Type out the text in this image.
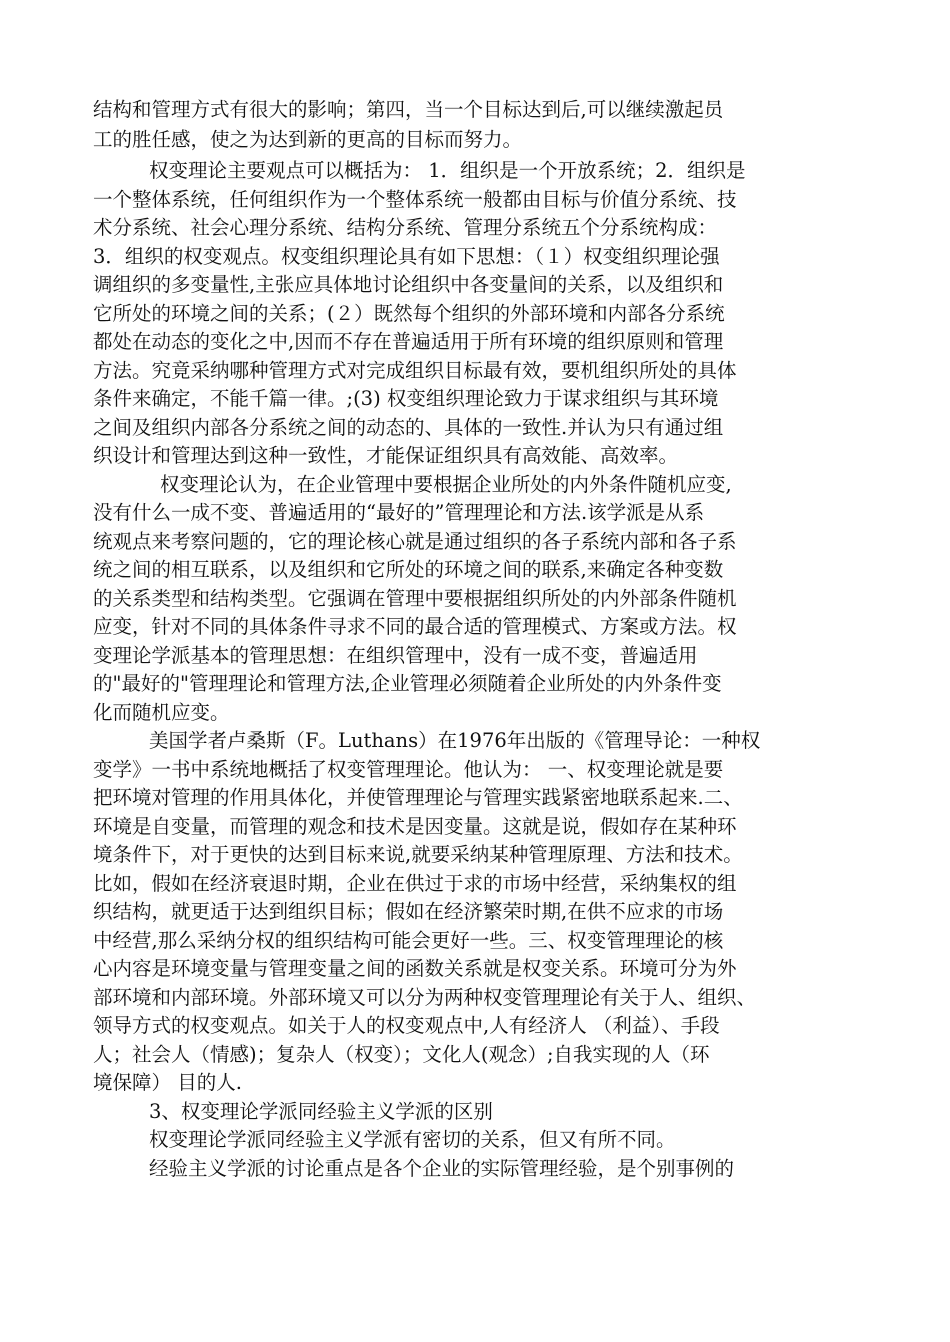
结构和管理方式有很大的影响；第四，当一个目标达到后,可以继续激起员
工的胜任感，使之为达到新的更高的目标而努力。
权变理论主要观点可以概括为： 1．组织是一个开放系统；2．组织是
一个整体系统，任何组织作为一个整体系统一般都由目标与价值分系统、技
术分系统、社会心理分系统、结构分系统、管理分系统五个分系统构成：
3．组织的权变观点。权变组织理论具有如下思想：（１）权变组织理论强
调组织的多变量性,主张应具体地讨论组织中各变量间的关系，以及组织和
它所处的环境之间的关系；(２）既然每个组织的外部环境和内部各分系统
都处在动态的变化之中,因而不存在普遍适用于所有环境的组织原则和管理
方法。究竟采纳哪种管理方式对完成组织目标最有效，要机组织所处的具体
条件来确定，不能千篇一律。;(3) 权变组织理论致力于谋求组织与其环境
之间及组织内部各分系统之间的动态的、具体的一致性.并认为只有通过组
织设计和管理达到这种一致性，才能保证组织具有高效能、高效率。
权变理论认为，在企业管理中要根据企业所处的内外条件随机应变,
没有什么一成不变、普遍适用的“最好的”管理理论和方法.该学派是从系
统观点来考察问题的，它的理论核心就是通过组织的各子系统内部和各子系
统之间的相互联系，以及组织和它所处的环境之间的联系,来确定各种变数
的关系类型和结构类型。它强调在管理中要根据组织所处的内外部条件随机
应变，针对不同的具体条件寻求不同的最合适的管理模式、方案或方法。权
变理论学派基本的管理思想：在组织管理中，没有一成不变，普遍适用
的"最好的"管理理论和管理方法,企业管理必须随着企业所处的内外条件变
化而随机应变。
美国学者卢桑斯（F。Luthans）在1976年出版的《管理导论：一种权
变学》一书中系统地概括了权变管理理论。他认为： 一、权变理论就是要
把环境对管理的作用具体化，并使管理理论与管理实践紧密地联系起来.二、
环境是自变量，而管理的观念和技术是因变量。这就是说，假如存在某种环
境条件下，对于更快的达到目标来说,就要采纳某种管理原理、方法和技术。
比如，假如在经济衰退时期，企业在供过于求的市场中经营，采纳集权的组
织结构，就更适于达到组织目标；假如在经济繁荣时期,在供不应求的市场
中经营,那么采纳分权的组织结构可能会更好一些。三、权变管理理论的核
心内容是环境变量与管理变量之间的函数关系就是权变关系。环境可分为外
部环境和内部环境。外部环境又可以分为两种权变管理理论有关于人、组织、
领导方式的权变观点。如关于人的权变观点中,人有经济人 （利益）、手段
人；社会人（情感)；复杂人（权变）；文化人(观念）;自我实现的人（环
境保障） 目的人.
3、权变理论学派同经验主义学派的区别
权变理论学派同经验主义学派有密切的关系，但又有所不同。
经验主义学派的讨论重点是各个企业的实际管理经验，是个别事例的
